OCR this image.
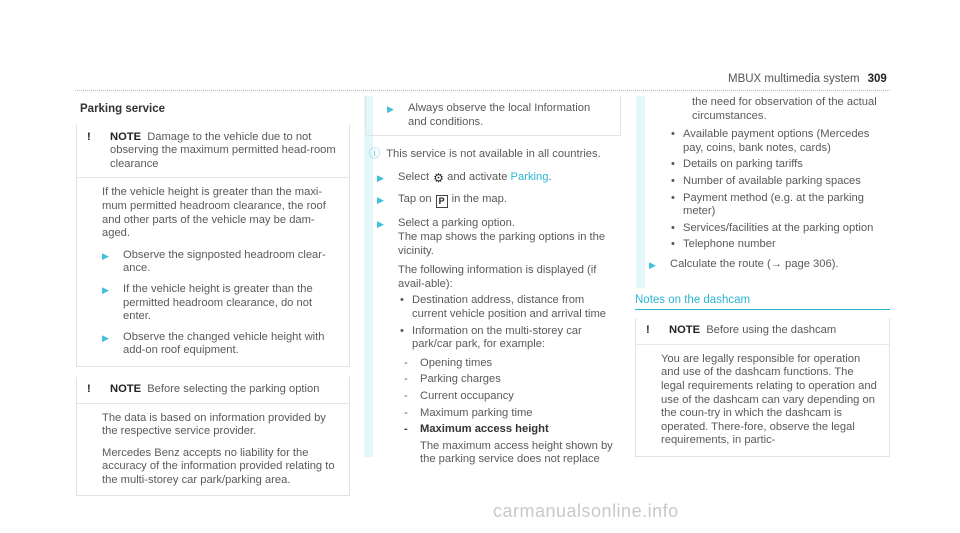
MBUX multimedia system 309
Parking service
! NOTE Damage to the vehicle due to not observing the maximum permitted head-room clearance

If the vehicle height is greater than the maxi-mum permitted headroom clearance, the roof and other parts of the vehicle may be dam-aged.

▶ Observe the signposted headroom clear-ance.
▶ If the vehicle height is greater than the permitted headroom clearance, do not enter.
▶ Observe the changed vehicle height with add-on roof equipment.
! NOTE Before selecting the parking option

The data is based on information provided by the respective service provider.

Mercedes Benz accepts no liability for the accuracy of the information provided relating to the multi-storey car park/parking area.

▶ Always observe the local Information and conditions.
ⓘ This service is not available in all countries.
▶ Select ⚙ and activate Parking.
▶ Tap on P in the map.
▶ Select a parking option.
The map shows the parking options in the vicinity.
The following information is displayed (if avail-able):
• Destination address, distance from current vehicle position and arrival time
• Information on the multi-storey car park/car park, for example:
- Opening times
- Parking charges
- Current occupancy
- Maximum parking time
- Maximum access height
The maximum access height shown by the parking service does not replace
the need for observation of the actual circumstances.
• Available payment options (Mercedes pay, coins, bank notes, cards)
• Details on parking tariffs
• Number of available parking spaces
• Payment method (e.g. at the parking meter)
• Services/facilities at the parking option
• Telephone number
▶ Calculate the route (→ page 306).
Notes on the dashcam
! NOTE Before using the dashcam

You are legally responsible for operation and use of the dashcam functions. The legal requirements relating to operation and use of the dashcam can vary depending on the coun-try in which the dashcam is operated. There-fore, observe the legal requirements, in partic-

carmanualsonline.info
